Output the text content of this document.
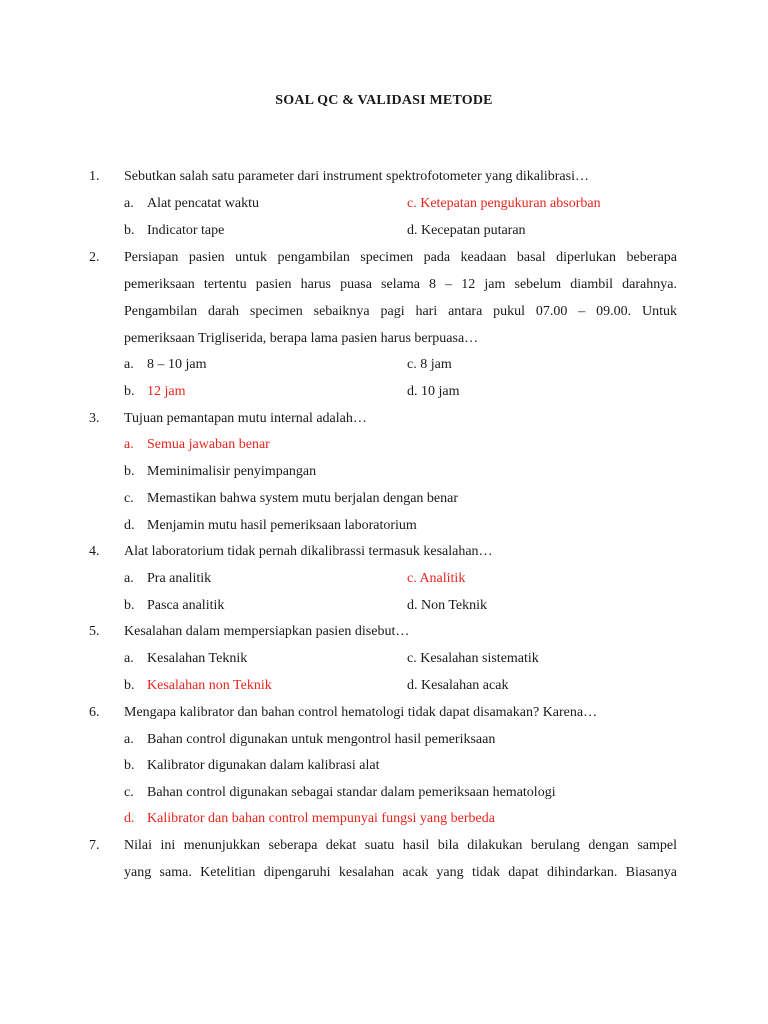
SOAL QC & VALIDASI METODE
1. Sebutkan salah satu parameter dari instrument spektrofotometer yang dikalibrasi…
a. Alat pencatat waktu	c. Ketepatan pengukuran absorban
b. Indicator tape	d. Kecepatan putaran
2. Persiapan pasien untuk pengambilan specimen pada keadaan basal diperlukan beberapa
pemeriksaan tertentu pasien harus puasa selama 8 – 12 jam sebelum diambil darahnya.
Pengambilan darah specimen sebaiknya pagi hari antara pukul 07.00 – 09.00. Untuk
pemeriksaan Trigliserida, berapa lama pasien harus berpuasa…
a. 8 – 10 jam	c. 8 jam
b. 12 jam	d. 10 jam
3. Tujuan pemantapan mutu internal adalah…
a. Semua jawaban benar
b. Meminimalisir penyimpangan
c. Memastikan bahwa system mutu berjalan dengan benar
d. Menjamin mutu hasil pemeriksaan laboratorium
4. Alat laboratorium tidak pernah dikalibrassi termasuk kesalahan…
a. Pra analitik	c. Analitik
b. Pasca analitik	d. Non Teknik
5. Kesalahan dalam mempersiapkan pasien disebut…
a. Kesalahan Teknik	c. Kesalahan sistematik
b. Kesalahan non Teknik	d. Kesalahan acak
6. Mengapa kalibrator dan bahan control hematologi tidak dapat disamakan? Karena…
a. Bahan control digunakan untuk mengontrol hasil pemeriksaan
b. Kalibrator digunakan dalam kalibrasi alat
c. Bahan control digunakan sebagai standar dalam pemeriksaan hematologi
d. Kalibrator dan bahan control mempunyai fungsi yang berbeda
7. Nilai ini menunjukkan seberapa dekat suatu hasil bila dilakukan berulang dengan sampel
yang sama. Ketelitian dipengaruhi kesalahan acak yang tidak dapat dihindarkan. Biasanya
